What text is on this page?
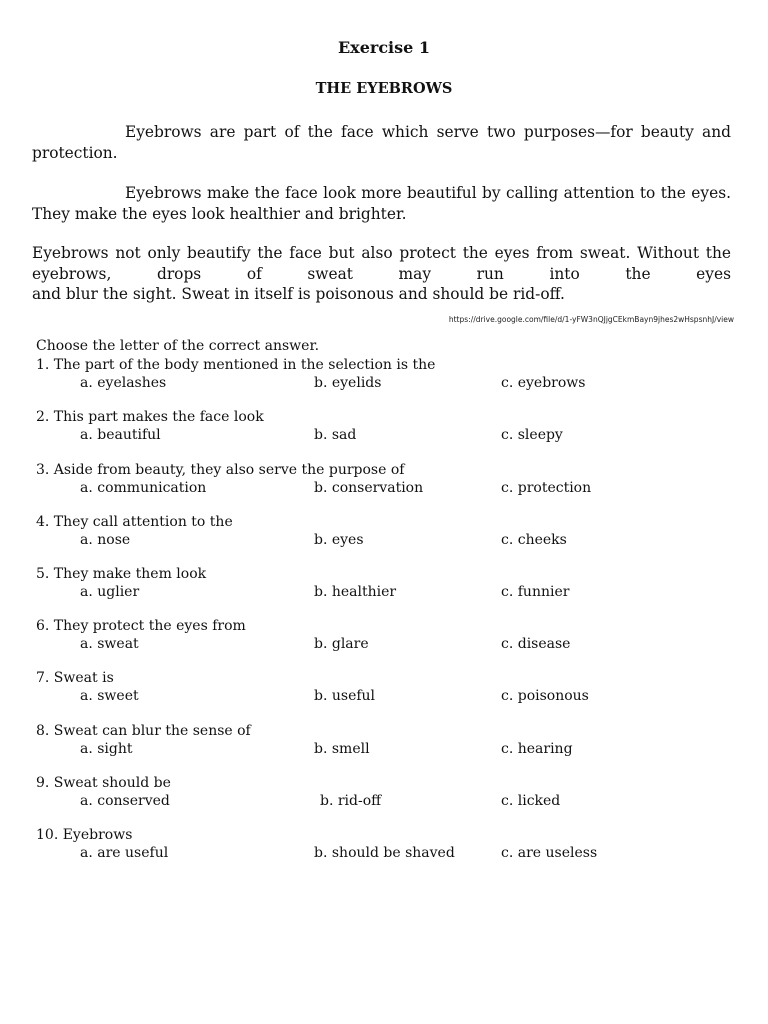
Exercise 1
THE EYEBROWS

Eyebrows are part of the face which serve two purposes—for beauty and protection.

Eyebrows make the face look more beautiful by calling attention to the eyes. They make the eyes look healthier and brighter.

Eyebrows not only beautify the face but also protect the eyes from sweat. Without the eyebrows, drops of sweat may run into the eyes
and blur the sight. Sweat in itself is poisonous and should be rid-off.
https://drive.google.com/file/d/1-yFW3nQJjgCEkmBayn9jhes2wHspsnhJ/view
Choose the letter of the correct answer.
1. The part of the body mentioned in the selection is the
a. eyelashes	b. eyelids	c. eyebrows
2. This part makes the face look
a. beautiful	b. sad	c. sleepy
3. Aside from beauty, they also serve the purpose of
a. communication	b. conservation	c. protection
4. They call attention to the
a. nose	b. eyes	c. cheeks
5. They make them look
a. uglier	b. healthier	c. funnier
6. They protect the eyes from
a. sweat	b. glare	c. disease
7. Sweat is
a. sweet	b. useful	c. poisonous
8. Sweat can blur the sense of
a. sight	b. smell	c. hearing
9. Sweat should be
a. conserved	b. rid-off	c. licked
10. Eyebrows
a. are useful	b. should be shaved	c. are useless
